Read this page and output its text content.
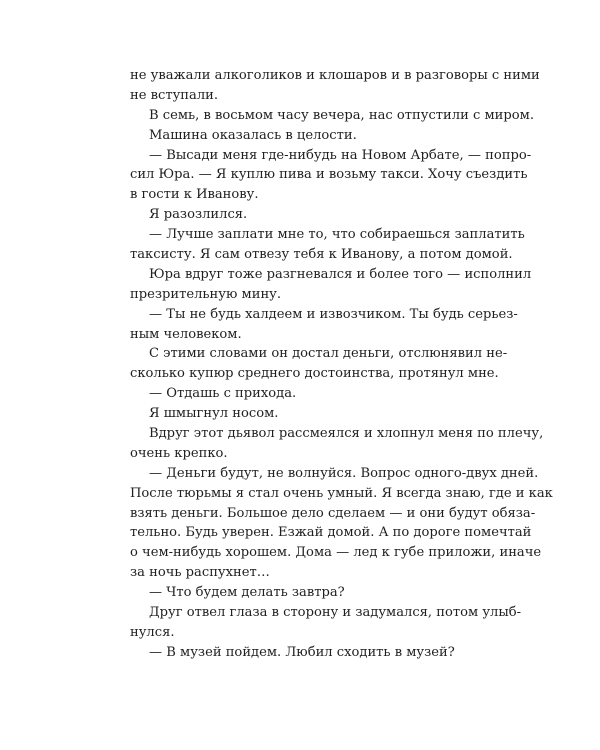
не уважали алкоголиков и клошаров и в разговоры с ними
не вступали.
В семь, в восьмом часу вечера, нас отпустили с миром.
Машина оказалась в целости.
— Высади меня где-нибудь на Новом Арбате, — попро-
сил Юра. — Я куплю пива и возьму такси. Хочу съездить
в гости к Иванову.
Я разозлился.
— Лучше заплати мне то, что собираешься заплатить
таксисту. Я сам отвезу тебя к Иванову, а потом домой.
Юра вдруг тоже разгневался и более того — исполнил
презрительную мину.
— Ты не будь халдеем и извозчиком. Ты будь серьез-
ным человеком.
С этими словами он достал деньги, отслюнявил не-
сколько купюр среднего достоинства, протянул мне.
— Отдашь с прихода.
Я шмыгнул носом.
Вдруг этот дьявол рассмеялся и хлопнул меня по плечу,
очень крепко.
— Деньги будут, не волнуйся. Вопрос одного-двух дней.
После тюрьмы я стал очень умный. Я всегда знаю, где и как
взять деньги. Большое дело сделаем — и они будут обяза-
тельно. Будь уверен. Езжай домой. А по дороге помечтай
о чем-нибудь хорошем. Дома — лед к губе приложи, иначе
за ночь распухнет…
— Что будем делать завтра?
Друг отвел глаза в сторону и задумался, потом улыб-
нулся.
— В музей пойдем. Любил сходить в музей?
